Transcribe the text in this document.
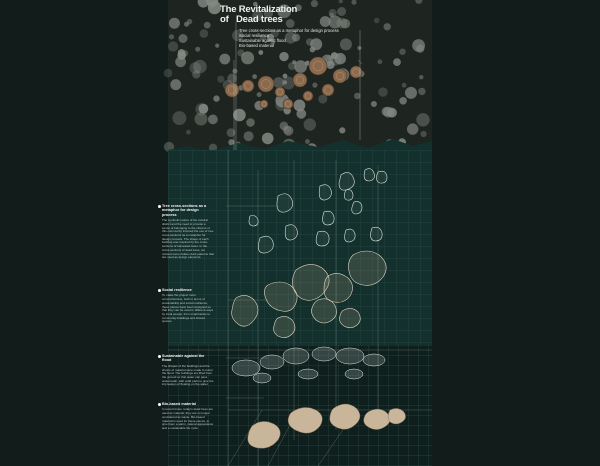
The Revitalization
of Dead trees
Tree cross-sections as a metaphor for design process
Social resilience
Sustainable against flood
Bio-based material
Tree cross-sections as a metaphor for design process

The symbolic nature of the cultural district and the need to provide a sense of belonging to the citizens of this community inspired the use of tree cross-sections as a metaphor for design process. The shape of each building was inspired by the cross-sections of harvested trees. In the cross-sections of dead trees, we noticed some hidden dark patterns that are used as design elements.

Social resilience

To make the project more comprehensive, both in terms of sustainability and social resilience, these pieces have been designed so that they can be used in different ways by local people, from small kiosks to community buildings and shared spaces.

Sustainable against the flood

The shapes of the buildings and the choice of material were made to resist the flood. The buildings are lifted from the ground so that water can pass underneath, with solid parts to give the impression of floating on the water.

Bio-based material

In recent times, today's dead trees are used as material; they are no longer considered as waste. Bio-based material is used for these pieces, to give them a warm, natural appearance and a sustainable life cycle.
